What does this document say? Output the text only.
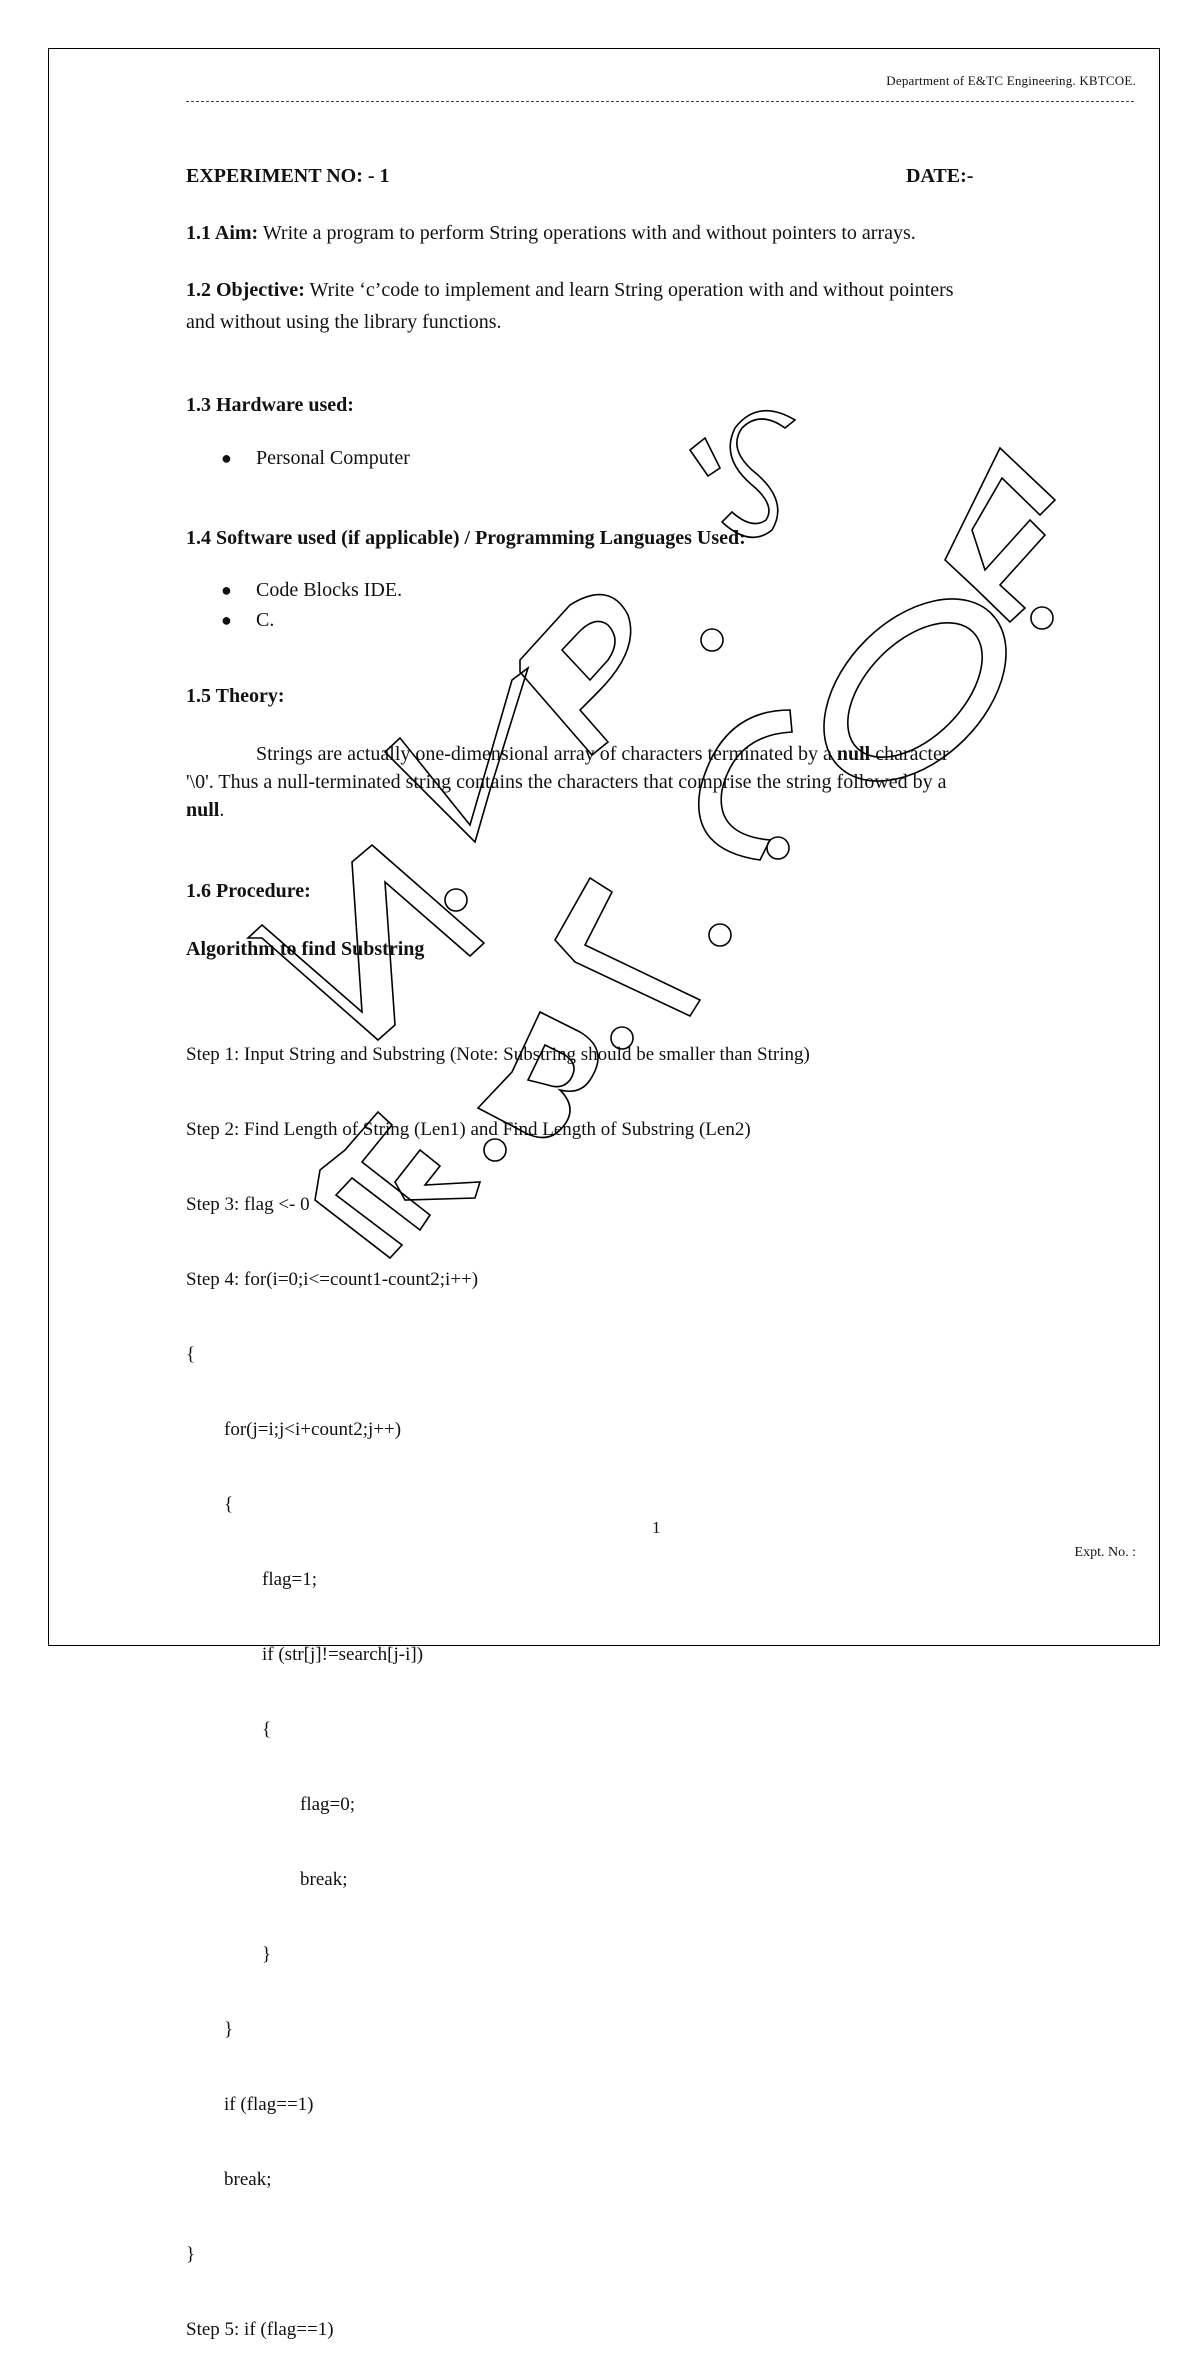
Department of E&TC Engineering. KBTCOE.
EXPERIMENT NO: - 1	DATE:-
1.1 Aim: Write a program to perform String operations with and without pointers to arrays.
1.2 Objective: Write ‘c’code to implement and learn String operation with and without pointers
and without using the library functions.
1.3 Hardware used:
● Personal Computer
1.4 Software used (if applicable) / Programming Languages Used:
● Code Blocks IDE.
● C.
1.5 Theory:
Strings are actually one-dimensional array of characters terminated by a null character
'\0'. Thus a null-terminated string contains the characters that comprise the string followed by a
null.
1.6 Procedure:
Algorithm to find Substring

Step 1: Input String and Substring (Note: Substring should be smaller than String)

Step 2: Find Length of String (Len1) and Find Length of Substring (Len2)

Step 3: flag <- 0

Step 4: for(i=0;i<=count1-count2;i++)

{

for(j=i;j<i+count2;j++)

{

flag=1;

if (str[j]!=search[j-i])

{

flag=0;

break;

}

}

if (flag==1)

break;

}

Step 5: if (flag==1)

1
Expt. No. :
